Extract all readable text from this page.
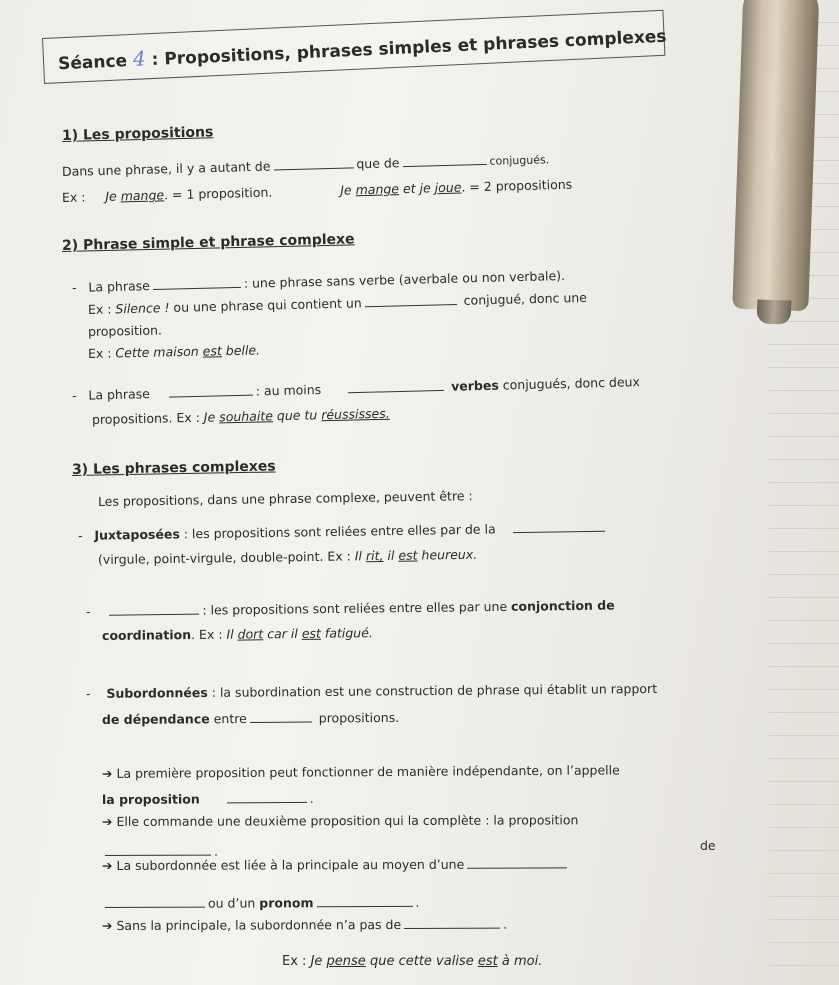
Séance 4 : Propositions, phrases simples et phrases complexes
1) Les propositions
Dans une phrase, il y a autant de	que de	conjugués.
Ex : Je mange. = 1 proposition.	Je mange et je joue. = 2 propositions
2) Phrase simple et phrase complexe
- La phrase	: une phrase sans verbe (averbale ou non verbale).
Ex : Silence ! ou une phrase qui contient un	conjugué, donc une
proposition.
Ex : Cette maison est belle.
- La phrase	: au moins	verbes conjugués, donc deux
propositions. Ex : Je souhaite que tu réussisses.
3) Les phrases complexes
Les propositions, dans une phrase complexe, peuvent être :
- Juxtaposées : les propositions sont reliées entre elles par de la
(virgule, point-virgule, double-point. Ex : Il rit, il est heureux.
-	: les propositions sont reliées entre elles par une conjonction de
coordination. Ex : Il dort car il est fatigué.
- Subordonnées : la subordination est une construction de phrase qui établit un rapport
de dépendance entre	propositions.
➔ La première proposition peut fonctionner de manière indépendante, on l’appelle
la proposition	.
➔ Elle commande une deuxième proposition qui la complète : la proposition
.	de
➔ La subordonnée est liée à la principale au moyen d’une
ou d’un pronom	.
➔ Sans la principale, la subordonnée n’a pas de	.
Ex : Je pense que cette valise est à moi.
